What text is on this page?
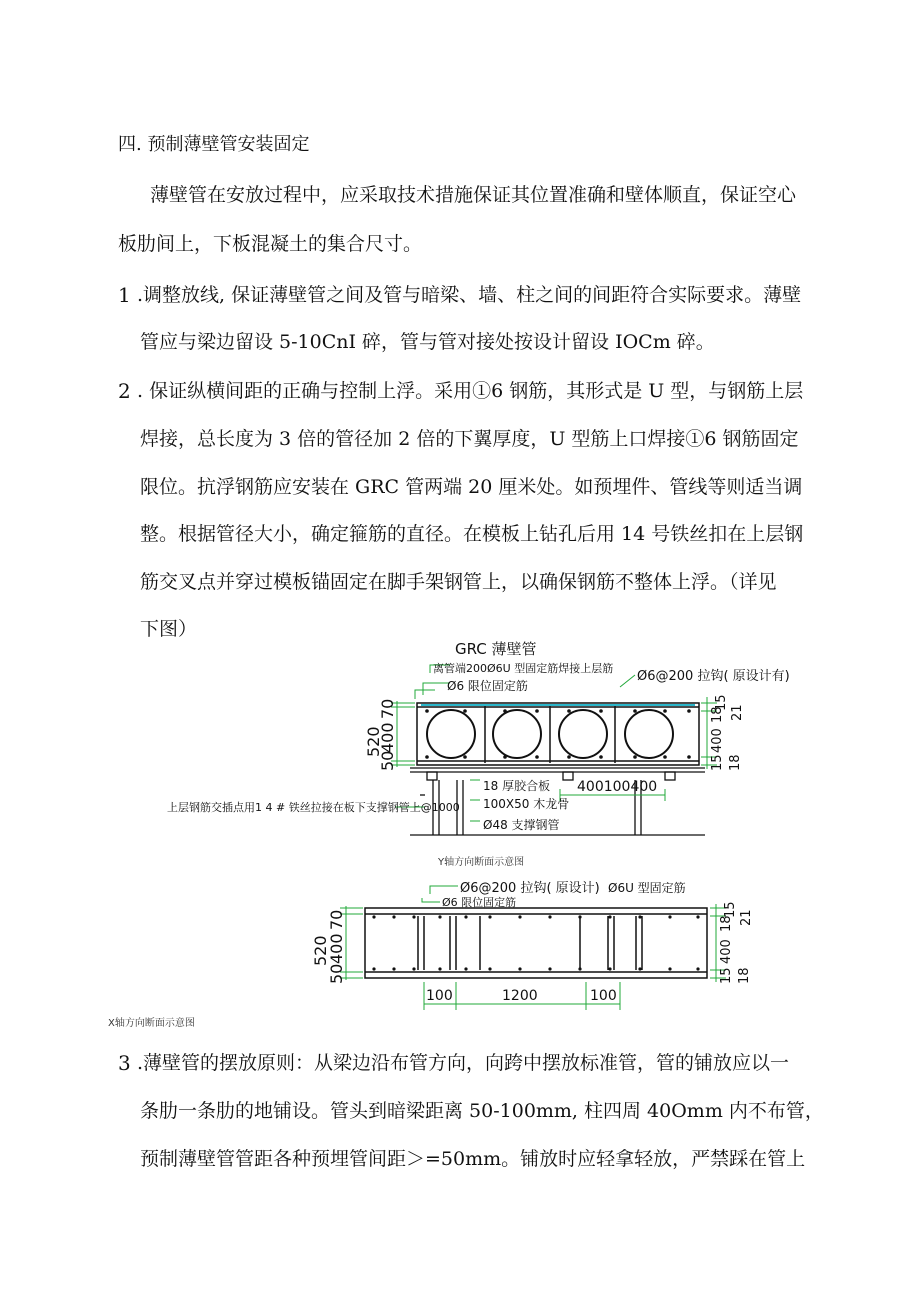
四. 预制薄壁管安装固定
薄壁管在安放过程中，应采取技术措施保证其位置准确和壁体顺直，保证空心
板肋间上，下板混凝土的集合尺寸。
1 .调整放线, 保证薄壁管之间及管与暗梁、墙、柱之间的间距符合实际要求。薄壁
管应与梁边留设 5-10CnI 碎，管与管对接处按设计留设 IOCm 碎。
2 . 保证纵横间距的正确与控制上浮。采用①6 钢筋，其形式是 U 型，与钢筋上层
焊接，总长度为 3 倍的管径加 2 倍的下翼厚度，U 型筋上口焊接①6 钢筋固定
限位。抗浮钢筋应安装在 GRC 管两端 20 厘米处。如预埋件、管线等则适当调
整。根据管径大小，确定箍筋的直径。在模板上钻孔后用 14 号铁丝扣在上层钢
筋交叉点并穿过模板锚固定在脚手架钢管上，以确保钢筋不整体上浮。（详见
下图）
GRC 薄壁管
离管端200Ø6U 型固定筋焊接上层筋
Ø6 限位固定筋
Ø6@200 拉钩( 原设计有)
18 厚胶合板
100X50 木龙骨
Ø48 支撑钢管
上层钢筋交插点用1 4 # 铁丝拉接在板下支撑钢管上@1000
400100400
520
50
400
70	15
21
18
400
15 18
Y轴方向断面示意图
Ø6@200 拉钩( 原设计) Ø6U 型固定筋
Ø6 限位固定筋
520
50
400
70	15 21
18
400
15 18
100	1200	100
X轴方向断面示意图
3 .薄壁管的摆放原则：从梁边沿布管方向，向跨中摆放标准管，管的铺放应以一
条肋一条肋的地铺设。管头到暗梁距离 50-100mm, 柱四周 40Omm 内不布管，
预制薄壁管管距各种预埋管间距＞=50mm。铺放时应轻拿轻放，严禁踩在管上
